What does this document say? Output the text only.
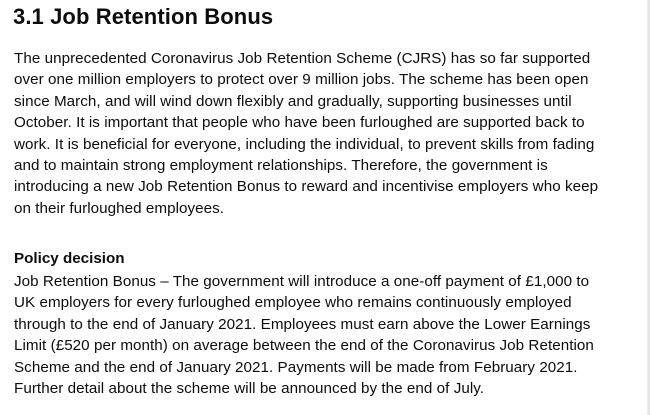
3.1 Job Retention Bonus

The unprecedented Coronavirus Job Retention Scheme (CJRS) has so far supported
over one million employers to protect over 9 million jobs. The scheme has been open
since March, and will wind down flexibly and gradually, supporting businesses until
October. It is important that people who have been furloughed are supported back to
work. It is beneficial for everyone, including the individual, to prevent skills from fading
and to maintain strong employment relationships. Therefore, the government is
introducing a new Job Retention Bonus to reward and incentivise employers who keep
on their furloughed employees.

Policy decision

Job Retention Bonus – The government will introduce a one-off payment of £1,000 to
UK employers for every furloughed employee who remains continuously employed
through to the end of January 2021. Employees must earn above the Lower Earnings
Limit (£520 per month) on average between the end of the Coronavirus Job Retention
Scheme and the end of January 2021. Payments will be made from February 2021.
Further detail about the scheme will be announced by the end of July.
